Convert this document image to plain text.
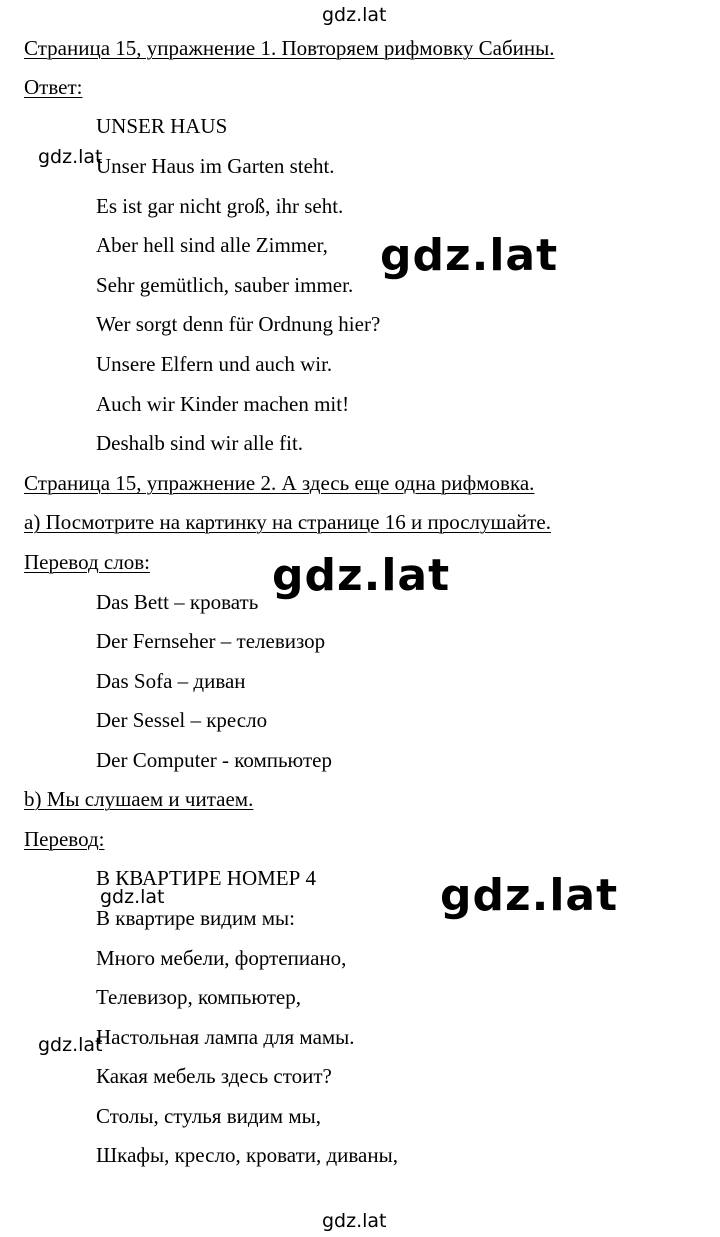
gdz.lat
gdz.lat
gdz.lat
gdz.lat
gdz.lat
gdz.lat
gdz.lat
gdz.lat
Страница 15, упражнение 1. Повторяем рифмовку Сабины.
Ответ:
UNSER HAUS
Unser Haus im Garten steht.
Es ist gar nicht groß, ihr seht.
Aber hell sind alle Zimmer,
Sehr gemütlich, sauber immer.
Wer sorgt denn für Ordnung hier?
Unsere Elfern und auch wir.
Auch wir Kinder machen mit!
Deshalb sind wir alle fit.
Страница 15, упражнение 2. А здесь еще одна рифмовка.
a) Посмотрите на картинку на странице 16 и прослушайте.
Перевод слов:
Das Bett – кровать
Der Fernseher – телевизор
Das Sofa – диван
Der Sessel – кресло
Der Computer - компьютер
b) Мы слушаем и читаем.
Перевод:
В КВАРТИРЕ НОМЕР 4
В квартире видим мы:
Много мебели, фортепиано,
Телевизор, компьютер,
Настольная лампа для мамы.
Какая мебель здесь стоит?
Столы, стулья видим мы,
Шкафы, кресло, кровати, диваны,
